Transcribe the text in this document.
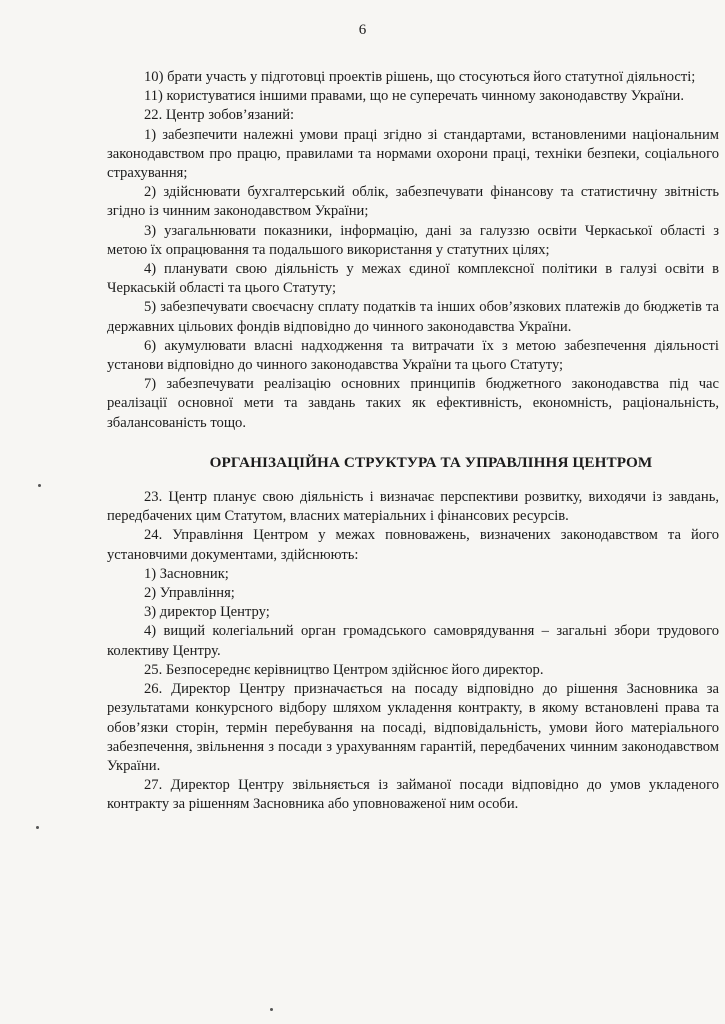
6

10) брати участь у підготовці проектів рішень, що стосуються його статутної діяльності;

11) користуватися іншими правами, що не суперечать чинному законодавству України.

22. Центр зобов’язаний:

1) забезпечити належні умови праці згідно зі стандартами, встановленими національним законодавством про працю, правилами та нормами охорони праці, техніки безпеки, соціального страхування;

2) здійснювати бухгалтерський облік, забезпечувати фінансову та статистичну звітність згідно із чинним законодавством України;

3) узагальнювати показники, інформацію, дані за галуззю освіти Черкаської області з метою їх опрацювання та подальшого використання у статутних цілях;

4) планувати свою діяльність у межах єдиної комплексної політики в галузі освіти в Черкаській області та цього Статуту;

5) забезпечувати своєчасну сплату податків та інших обов’язкових платежів до бюджетів та державних цільових фондів відповідно до чинного законодавства України.

6) акумулювати власні надходження та витрачати їх з метою забезпечення діяльності установи відповідно до чинного законодавства України та цього Статуту;

7) забезпечувати реалізацію основних принципів бюджетного законодавства під час реалізації основної мети та завдань таких як ефективність, економність, раціональність, збалансованість тощо.

ОРГАНІЗАЦІЙНА СТРУКТУРА ТА УПРАВЛІННЯ ЦЕНТРОМ

23. Центр планує свою діяльність і визначає перспективи розвитку, виходячи із завдань, передбачених цим Статутом, власних матеріальних і фінансових ресурсів.

24. Управління Центром у межах повноважень, визначених законодавством та його установчими документами, здійснюють:

1) Засновник;

2) Управління;

3) директор Центру;

4) вищий колегіальний орган громадського самоврядування – загальні збори трудового колективу Центру.

25. Безпосереднє керівництво Центром здійснює його директор.

26. Директор Центру призначається на посаду відповідно до рішення Засновника за результатами конкурсного відбору шляхом укладення контракту, в якому встановлені права та обов’язки сторін, термін перебування на посаді, відповідальність, умови його матеріального забезпечення, звільнення з посади з урахуванням гарантій, передбачених чинним законодавством України.

27. Директор Центру звільняється із займаної посади відповідно до умов укладеного контракту за рішенням Засновника або уповноваженої ним особи.
